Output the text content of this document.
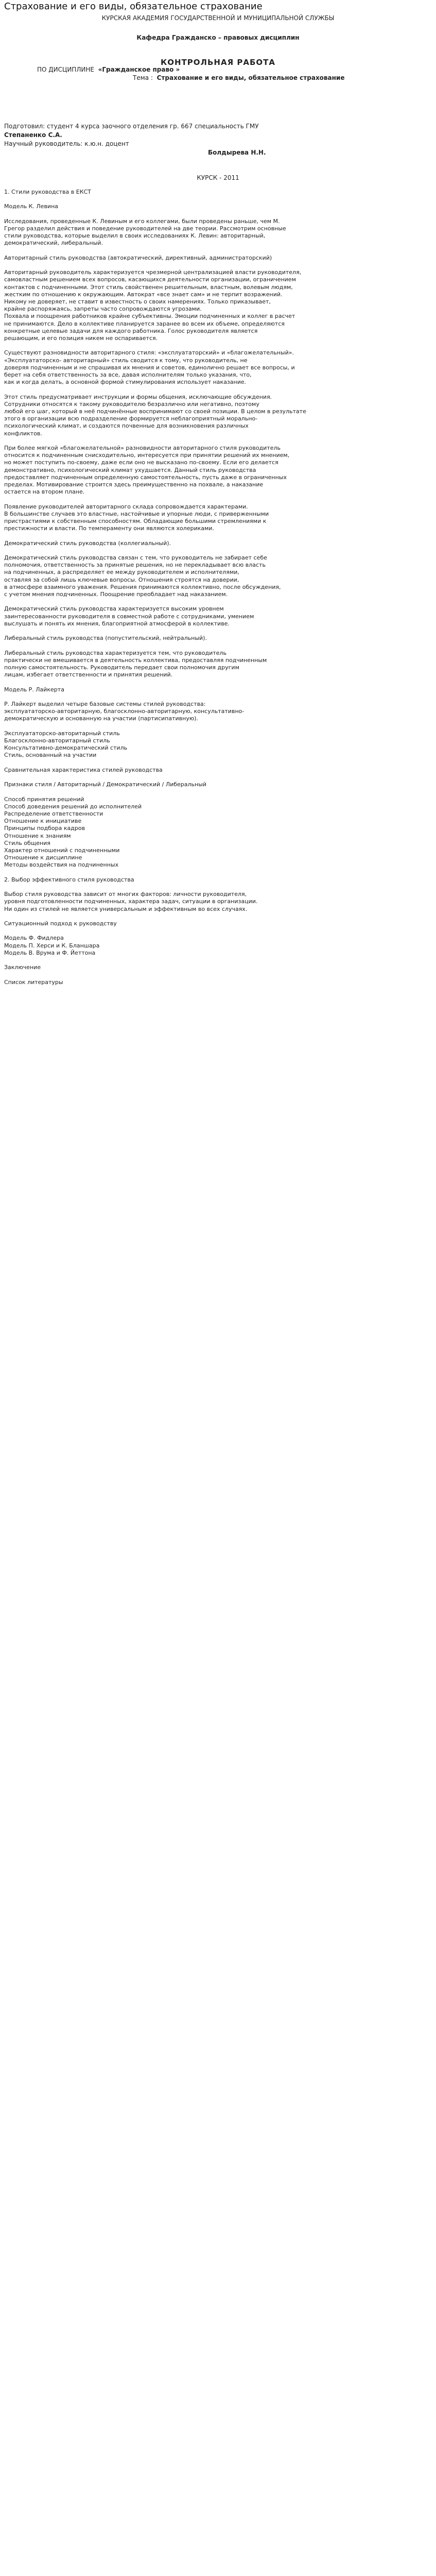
Страхование и его виды, обязательное страхование
КУРСКАЯ АКАДЕМИЯ ГОСУДАРСТВЕННОЙ И МУНИЦИПАЛЬНОЙ СЛУЖБЫ
Кафедра Гражданско – правовых дисциплин
КОНТРОЛЬНАЯ РАБОТА
ПО ДИСЦИПЛИНЕ «Гражданское право »
Тема : Страхование и его виды, обязательное страхование
Подготовил: студент 4 курса заочного отделения гр. 667 специальность ГМУ
Степаненко С.А.
Научный руководитель: к.ю.н. доцент
Болдырева Н.Н.
КУРСК - 2011
1. Стили руководства в ЕКСТ
Модель К. Левина
Исследования, проведенные К. Левиным и его коллегами, были проведены раньше, чем М.
Грегор разделил действия и поведение руководителей на две теории. Рассмотрим основные
стили руководства, которые выделил в своих исследованиях К. Левин: авторитарный,
демократический, либеральный.
Авторитарный стиль руководства (автократический, директивный, администраторский)
Авторитарный руководитель характеризуется чрезмерной централизацией власти руководителя,
самовластным решением всех вопросов, касающихся деятельности организации, ограничением
контактов с подчиненными. Этот стиль свойственен решительным, властным, волевым людям,
жестким по отношению к окружающим. Автократ «все знает сам» и не терпит возражений.
Никому не доверяет, не ставит в известность о своих намерениях. Только приказывает,
крайне распоряжаясь, запреты часто сопровождаются угрозами.
Похвала и поощрения работников крайне субъективны. Эмоции подчиненных и коллег в расчет
не принимаются. Дело в коллективе планируется заранее во всем их объеме, определяются
конкретные целевые задачи для каждого работника. Голос руководителя является
решающим, и его позиция никем не оспаривается.
Существуют разновидности авторитарного стиля: «эксплуататорский» и «благожелательный».
«Эксплуататорско- авторитарный» стиль сводится к тому, что руководитель, не
доверяя подчиненным и не спрашивая их мнения и советов, единолично решает все вопросы, и
берет на себя ответственность за все, давая исполнителям только указания, что,
как и когда делать, а основной формой стимулирования использует наказание.
Этот стиль предусматривает инструкции и формы общения, исключающие обсуждения.
Сотрудники относятся к такому руководителю безразлично или негативно, поэтому
любой его шаг, который в неё подчинённые воспринимают со своей позиции. В целом в результате
этого в организации всю подразделение формируется неблагоприятный морально-
психологический климат, и создаются почвенные для возникновения различных
конфликтов.
При более мягкой «благожелательной» разновидности авторитарного стиля руководитель
относится к подчиненным снисходительно, интересуется при принятии решений их мнением,
но может поступить по-своему, даже если оно не высказано по-своему. Если его делается
демонстративно, психологический климат ухудшается. Данный стиль руководства
предоставляет подчиненным определенную самостоятельность, пусть даже в ограниченных
пределах. Мотивирование строится здесь преимущественно на похвале, а наказание
остается на втором плане.
Появление руководителей авторитарного склада сопровождается характерами.
В большинстве случаев это властные, настойчивые и упорные люди, с приверженными
пристрастиями к собственным способностям. Обладающие большими стремлениями к
престижности и власти. По темпераменту они являются холериками.
Демократический стиль руководства (коллегиальный).
Демократический стиль руководства связан с тем, что руководитель не забирает себе
полномочия, ответственность за принятые решения, но не перекладывает всю власть
на подчиненных, а распределяет ее между руководителем и исполнителями,
оставляя за собой лишь ключевые вопросы. Отношения строятся на доверии,
в атмосфере взаимного уважения. Решения принимаются коллективно, после обсуждения,
с учетом мнения подчиненных. Поощрение преобладает над наказанием.
Демократический стиль руководства характеризуется высоким уровнем
заинтересованности руководителя в совместной работе с сотрудниками, умением
выслушать и понять их мнения, благоприятной атмосферой в коллективе.
Либеральный стиль руководства (попустительский, нейтральный).
Либеральный стиль руководства характеризуется тем, что руководитель
практически не вмешивается в деятельность коллектива, предоставляя подчиненным
полную самостоятельность. Руководитель передает свои полномочия другим
лицам, избегает ответственности и принятия решений.
Модель Р. Лайкерта
Р. Лайкерт выделил четыре базовые системы стилей руководства:
эксплуататорско-авторитарную, благосклонно-авторитарную, консультативно-
демократическую и основанную на участии (партисипативную).
Эксплуататорско-авторитарный стиль
Благосклонно-авторитарный стиль
Консультативно-демократический стиль
Стиль, основанный на участии
Сравнительная характеристика стилей руководства
Признаки стиля / Авторитарный / Демократический / Либеральный
Способ принятия решений
Способ доведения решений до исполнителей
Распределение ответственности
Отношение к инициативе
Принципы подбора кадров
Отношение к знаниям
Стиль общения
Характер отношений с подчиненными
Отношение к дисциплине
Методы воздействия на подчиненных
2. Выбор эффективного стиля руководства
Выбор стиля руководства зависит от многих факторов: личности руководителя,
уровня подготовленности подчиненных, характера задач, ситуации в организации.
Ни один из стилей не является универсальным и эффективным во всех случаях.
Ситуационный подход к руководству
Модель Ф. Фидлера
Модель П. Херси и К. Бланшара
Модель В. Врума и Ф. Йеттона
Заключение
Список литературы
